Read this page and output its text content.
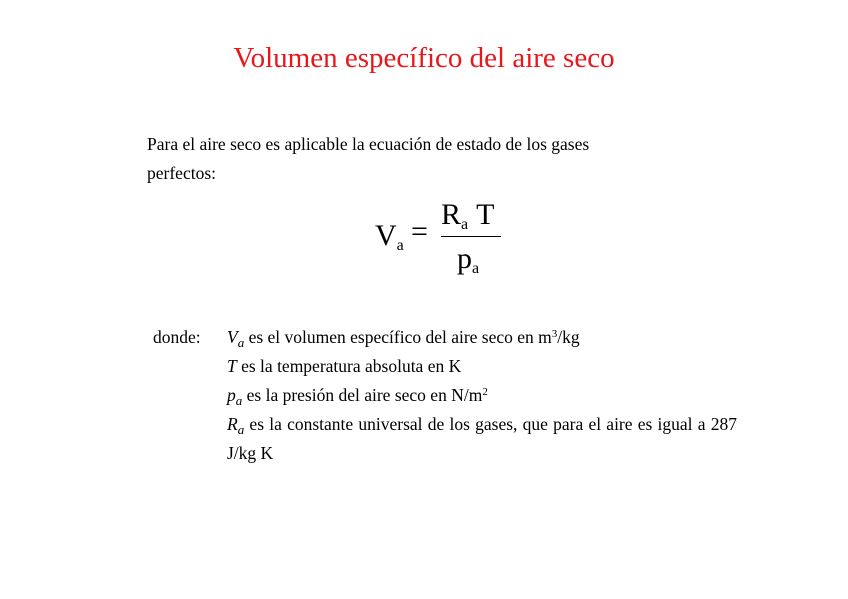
Volumen específico del aire seco
Para el aire seco es aplicable la ecuación de estado de los gases
perfectos:
$V_a$ =
$R_a$ T
$p_a$
donde: $V_a$ es el volumen específico del aire seco en $m^3/kg$
T es la temperatura absoluta en K
$p_a$ es la presión del aire seco en $N/m^2$
$R_a$ es la constante universal de los gases, que para el aire es igual a 287 J/kg K
